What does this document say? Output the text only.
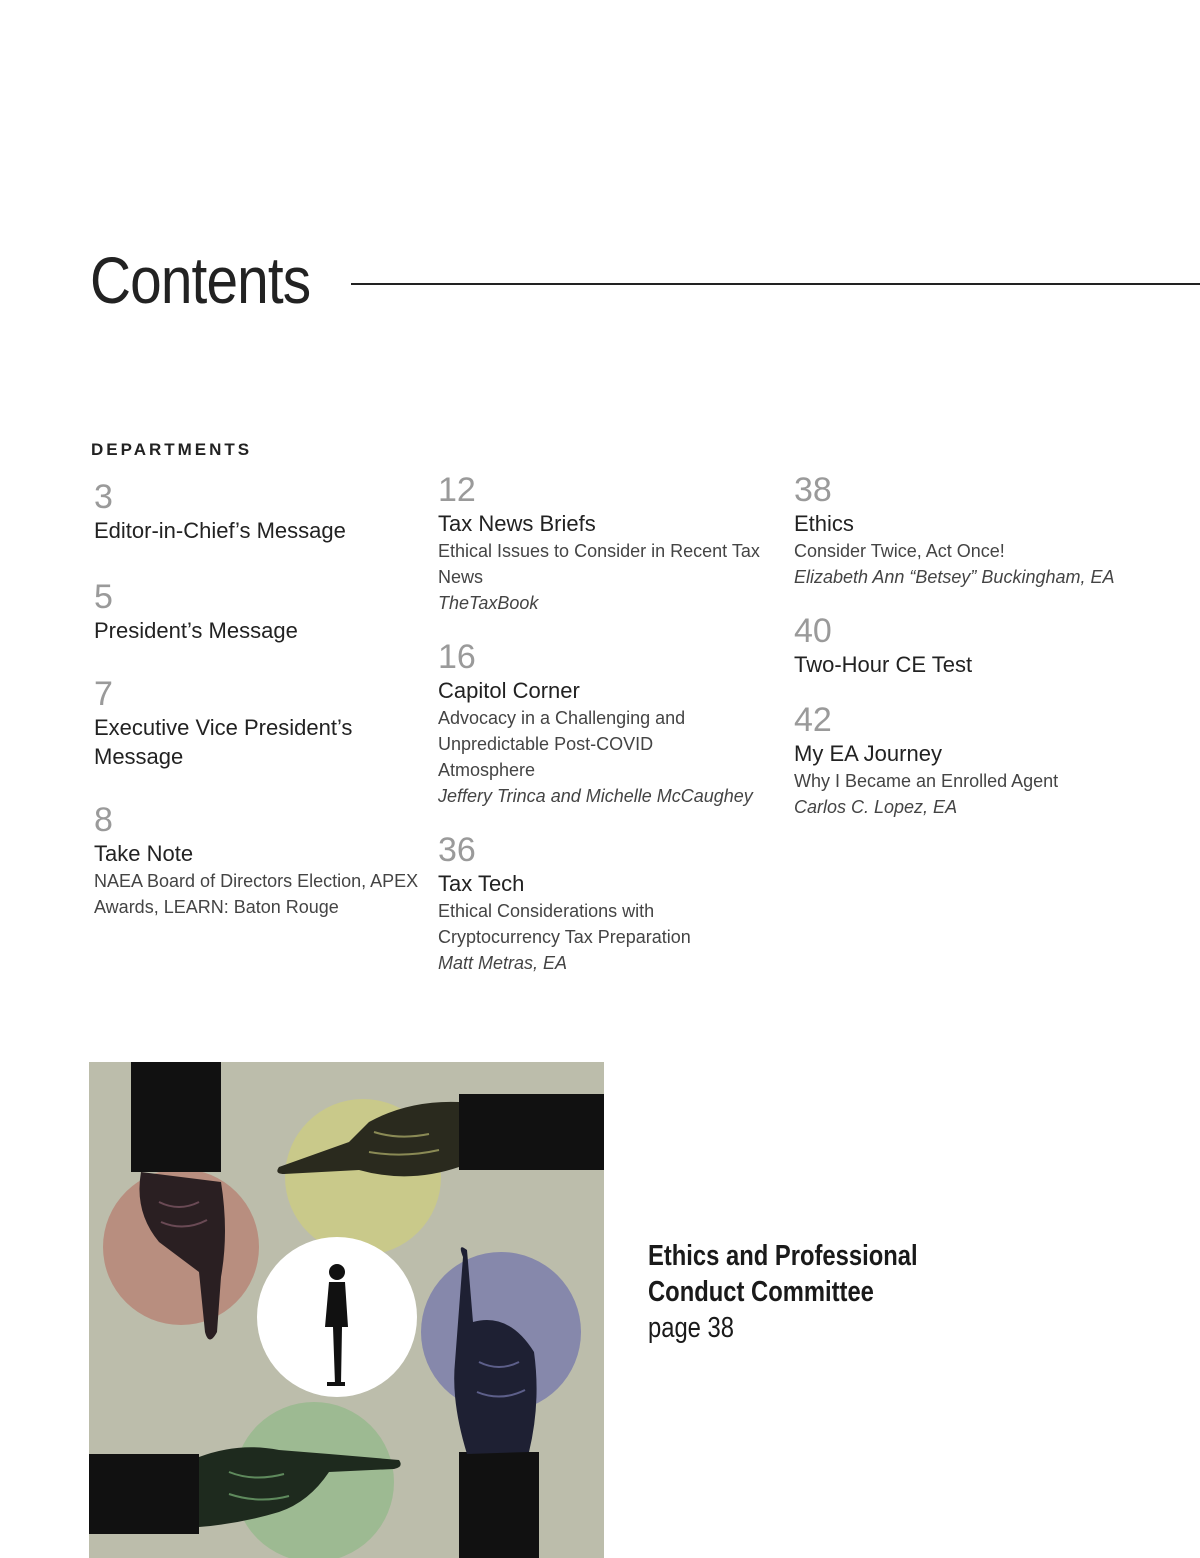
Contents
DEPARTMENTS
3
Editor-in-Chief’s Message
5
President’s Message
7
Executive Vice President’s Message
8
Take Note
NAEA Board of Directors Election, APEX Awards, LEARN: Baton Rouge
12
Tax News Briefs
Ethical Issues to Consider in Recent Tax News
TheTaxBook
16
Capitol Corner
Advocacy in a Challenging and Unpredictable Post-COVID Atmosphere
Jeffery Trinca and Michelle McCaughey
36
Tax Tech
Ethical Considerations with Cryptocurrency Tax Preparation
Matt Metras, EA
38
Ethics
Consider Twice, Act Once!
Elizabeth Ann “Betsey” Buckingham, EA
40
Two-Hour CE Test
42
My EA Journey
Why I Became an Enrolled Agent
Carlos C. Lopez, EA
Ethics and Professional
Conduct Committee
page 38
